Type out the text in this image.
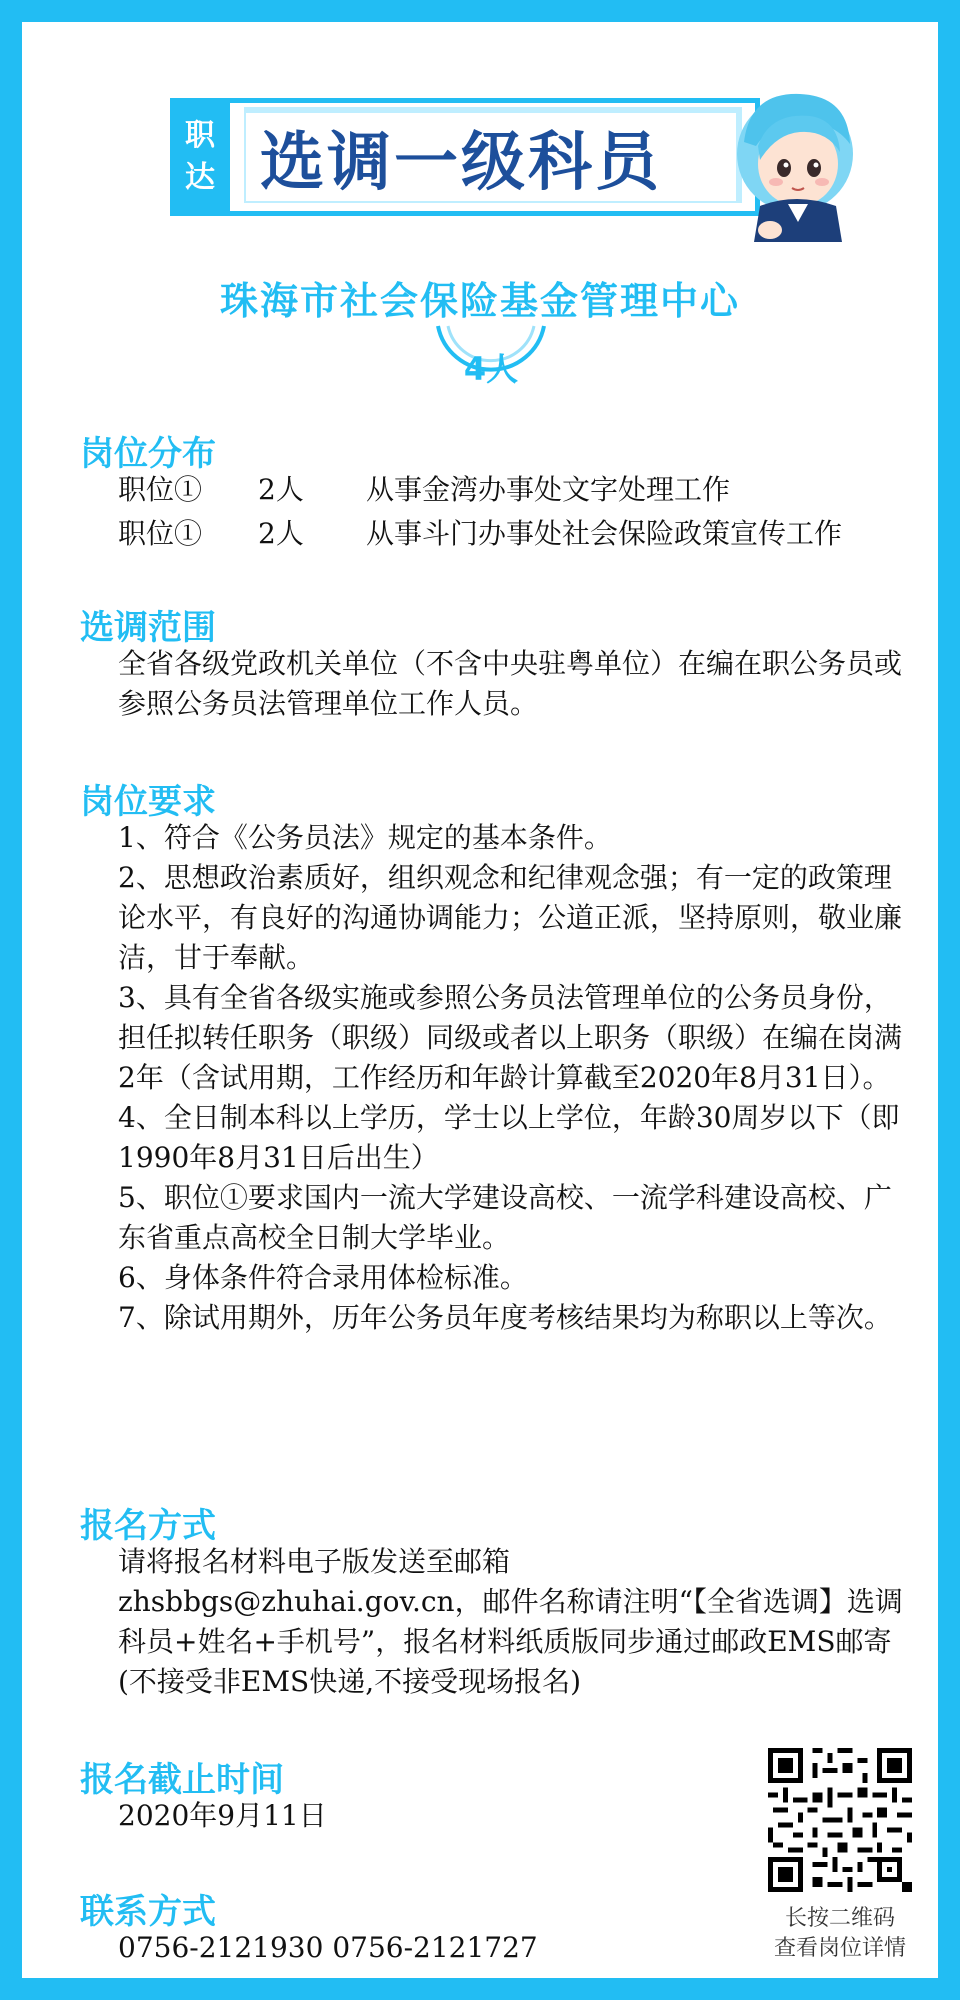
职
达 选调一级科员
珠海市社会保险基金管理中心
4人
岗位分布
职位① 2人 从事金湾办事处文字处理工作
职位① 2人 从事斗门办事处社会保险政策宣传工作
选调范围
全省各级党政机关单位（不含中央驻粤单位）在编在职公务员或参照公务员法管理单位工作人员。
岗位要求
1、符合《公务员法》规定的基本条件。
2、思想政治素质好，组织观念和纪律观念强；有一定的政策理论水平，有良好的沟通协调能力；公道正派，坚持原则，敬业廉洁，甘于奉献。
3、具有全省各级实施或参照公务员法管理单位的公务员身份，担任拟转任职务（职级）同级或者以上职务（职级）在编在岗满2年（含试用期，工作经历和年龄计算截至2020年8月31日）。
4、全日制本科以上学历，学士以上学位，年龄30周岁以下（即1990年8月31日后出生）
5、职位①要求国内一流大学建设高校、一流学科建设高校、广东省重点高校全日制大学毕业。
6、身体条件符合录用体检标准。
7、除试用期外，历年公务员年度考核结果均为称职以上等次。
报名方式
请将报名材料电子版发送至邮箱
zhsbbgs@zhuhai.gov.cn，邮件名称请注明“【全省选调】选调科员+姓名+手机号”，报名材料纸质版同步通过邮政EMS邮寄(不接受非EMS快递,不接受现场报名)
报名截止时间
2020年9月11日
联系方式
0756-2121930 0756-2121727
长按二维码
查看岗位详情
